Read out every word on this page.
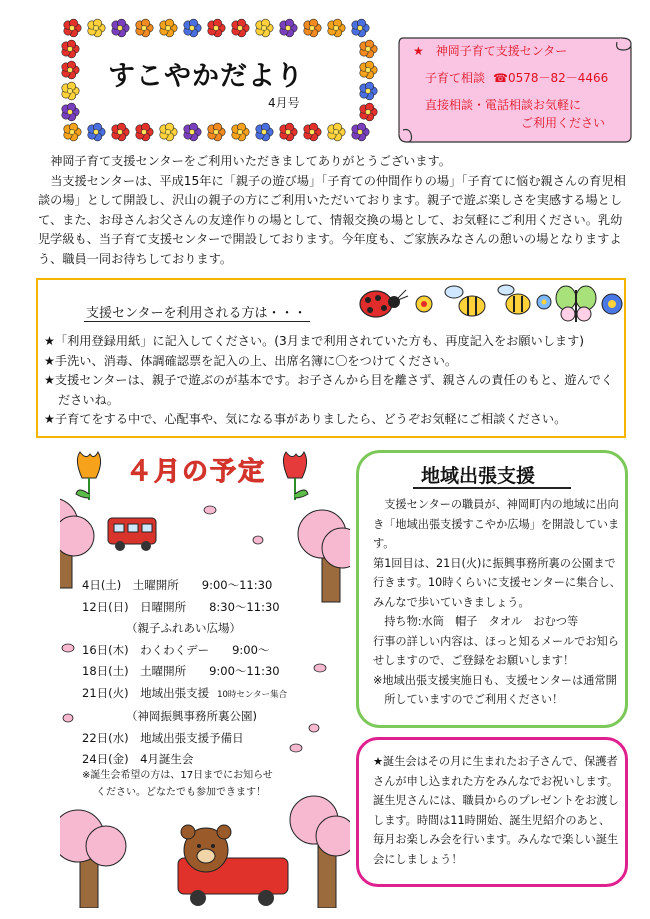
すこやかだより
4月号
★　神岡子育て支援センター
子育て相談 ☎0578－82－4466
直接相談・電話相談お気軽に
ご利用ください

神岡子育て支援センターをご利用いただきましてありがとうございます。

当支援センターは、平成15年に「親子の遊び場」「子育ての仲間作りの場」「子育てに悩む親さんの育児相談の場」として開設し、沢山の親子の方にご利用いただいております。親子で遊ぶ楽しさを実感する場として、また、お母さんお父さんの友達作りの場として、情報交換の場として、お気軽にご利用ください。乳幼児学級も、当子育て支援センターで開設しております。今年度も、ご家族みなさんの憩いの場となりますよう、職員一同お待ちしております。

支援センターを利用される方は・・・
★「利用登録用紙」に記入してください。(3月まで利用されていた方も、再度記入をお願いします)
★手洗い、消毒、体調確認票を記入の上、出席名簿に〇をつけてください。
★支援センターは、親子で遊ぶのが基本です。お子さんから目を離さず、親さんの責任のもと、遊んでくださいね。
★子育てをする中で、心配事や、気になる事がありましたら、どうぞお気軽にご相談ください。
４月の予定
4日(土)　土曜開所　　9:00～11:30
12日(日)　日曜開所　　8:30～11:30
（親子ふれあい広場）
16日(木)　わくわくデー　　9:00～
18日(土)　土曜開所　　9:00～11:30
21日(火)　地域出張支援 10時センター集合
（神岡振興事務所裏公園)
22日(水)　地域出張支援予備日
24日(金)　4月誕生会
※誕生会希望の方は、17日までにお知らせ
ください。どなたでも参加できます！
地域出張支援
支援センターの職員が、神岡町内の地域に出向き「地域出張支援すこやか広場」を開設しています。
第1回目は、21日(火)に振興事務所裏の公園まで行きます。10時くらいに支援センターに集合し、みんなで歩いていきましょう。
持ち物:水筒　帽子　タオル　おむつ等
行事の詳しい内容は、ほっと知るメールでお知らせしますので、ご登録をお願いします！
※地域出張支援実施日も、支援センターは通常開所していますのでご利用ください！
★誕生会はその月に生まれたお子さんで、保護者さんが申し込まれた方をみんなでお祝いします。誕生児さんには、職員からのプレゼントをお渡しします。時間は11時開始、誕生児紹介のあと、毎月お楽しみ会を行います。みんなで楽しい誕生会にしましょう！
